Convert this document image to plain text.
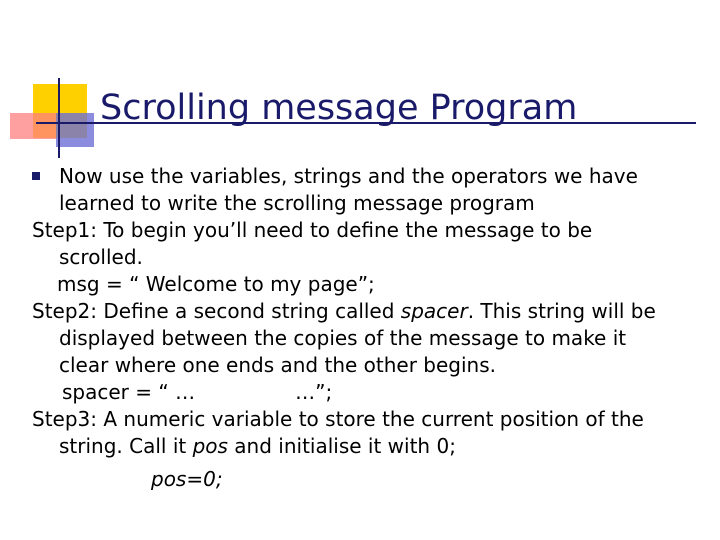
Scrolling message Program

Now use the variables, strings and the operators we have

learned to write the scrolling message program

Step1: To begin you’ll need to define the message to be

scrolled.

msg = “ Welcome to my page”;

Step2: Define a second string called spacer. This string will be

displayed between the copies of the message to make it

clear where one ends and the other begins.

spacer = “ …	…”;

Step3: A numeric variable to store the current position of the

string. Call it pos and initialise it with 0;

pos=0;
